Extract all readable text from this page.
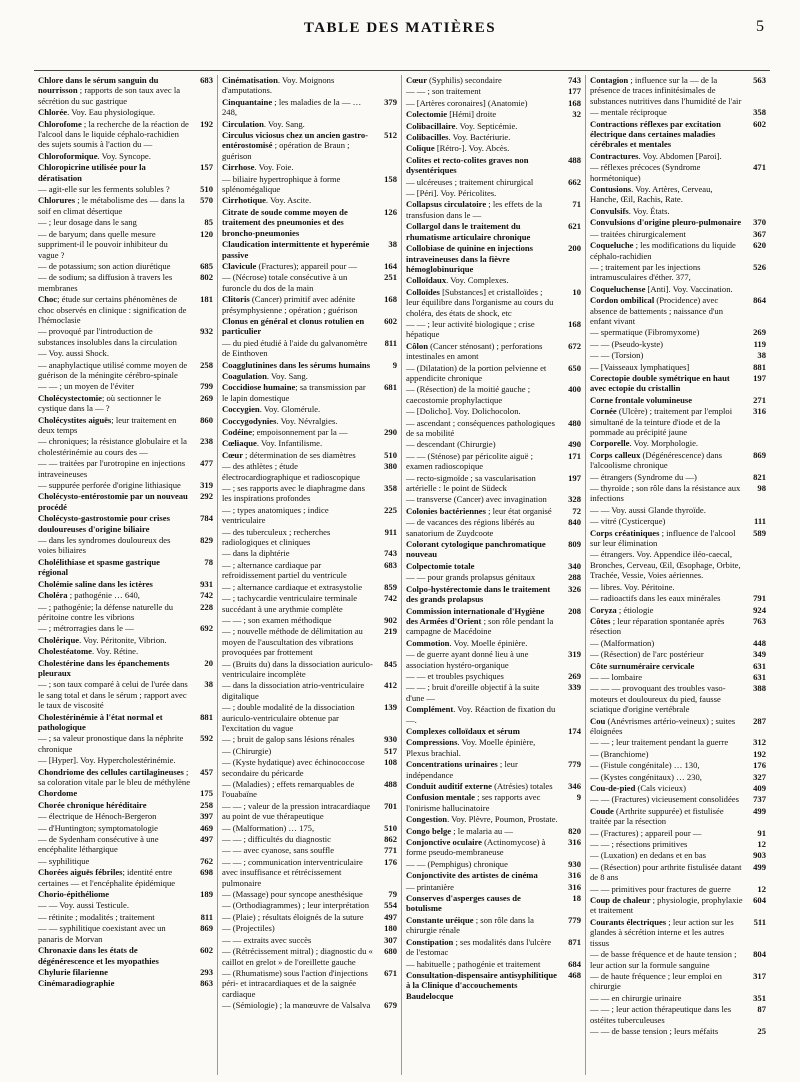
TABLE DES MATIÈRES	5
Chlore dans le sérum sanguin du nourrisson ; rapports de son taux avec la sécrétion du suc gastrique
683
Chlorée. Voy. Eau physiologique.
Chlorofome ; la recherche de la réaction de l'alcool dans le liquide céphalo-rachidien des sujets soumis à l'action du —
192
Chloroformique. Voy. Syncope.
Chloropicrine utilisée pour la dératisation
157
— agit-elle sur les ferments solubles ?	510
Chlorures ; le métabolisme des — dans la soif en climat désertique
570
— ; leur dosage dans le sang	85
— de baryum; dans quelle mesure suppriment-il le pouvoir inhibiteur du vague ?
120
— de potassium; son action diurétique	685
— de sodium; sa diffusion à travers les membranes
802
Choc; étude sur certains phénomènes de choc observés en clinique : signification de l'hémoclasie
181
— provoqué par l'introduction de substances insolubles dans la circulation
932
— Voy. aussi Shock.
— anaphylactique utilisé comme moyen de guérison de la méningite cérébro-spinale
258
— — ; un moyen de l'éviter	799
Cholécystectomie; où sectionner le cystique dans la — ?
269
Cholécystites aiguës; leur traitement en deux temps
860
— chroniques; la résistance globulaire et la cholestérinémie au cours des —
238
— — traitées par l'urotropine en injections intraveineuses
477
— suppurée perforée d'origine lithiasique	319
Cholécysto-entérostomie par un nouveau procédé
292
Cholécysto-gastrostomie pour crises douloureuses d'origine biliaire
784
— dans les syndromes douloureux des voies biliaires
829
Cholélithiase et spasme gastrique régional
78
Cholémie saline dans les ictères	931
Choléra ; pathogénie … 640,	742
— ; pathogénie; la défense naturelle du péritoine contre les vibrions
228
— ; métrorragies dans le —	692
Cholérique. Voy. Péritonite, Vibrion.
Cholestéatome. Voy. Rétine.
Cholestérine dans les épanchements pleuraux
20
— ; son taux comparé à celui de l'urée dans le sang total et dans le sérum ; rapport avec le taux de viscosité
38
Cholestérinémie à l'état normal et pathologique
881
— ; sa valeur pronostique dans la néphrite chronique
592
— [Hyper]. Voy. Hypercholestérinémie.
Chondriome des cellules cartilagineuses ; sa coloration vitale par le bleu de méthylène
457
Chordome	175
Chorée chronique héréditaire	258
— électrique de Hénoch-Bergeron	397
— d'Huntington; symptomatologie	469
— de Sydenham consécutive à une encéphalite léthargique
497
— syphilitique	762
Chorées aiguës fébriles; identité entre certaines — et l'encéphalite épidémique
698
Chorio-épithéliome	189
— — Voy. aussi Testicule.
— rétinite ; modalités ; traitement	811
— — syphilitique coexistant avec un panaris de Morvan
869
Chronaxie dans les états de dégénérescence et les myopathies
602
Chylurie filarienne	293
Cinémaradiographie	863
Cinématisation. Voy. Moignons d'amputations.
Cinquantaine ; les maladies de la — … 248,
379
Circulation. Voy. Sang.
Circulus viciosus chez un ancien gastro-entérostomisé ; opération de Braun ; guérison
512
Cirrhose. Voy. Foie.
— biliaire hypertrophique à forme splénomégalique
158
Cirrhotique. Voy. Ascite.
Citrate de soude comme moyen de traitement des pneumonies et des broncho-pneumonies
126
Claudication intermittente et hyperémie passive
38
Clavicule (Fractures); appareil pour —	164
— (Nécrose) totale consécutive à un furoncle du dos de la main
251
Clitoris (Cancer) primitif avec adénite présymphysienne ; opération ; guérison
168
Clonus en général et clonus rotulien en particulier
602
— du pied étudié à l'aide du galvanomètre de Einthoven
811
Coagglutinines dans les sérums humains	9
Coagulation. Voy. Sang.
Coccidiose humaine; sa transmission par le lapin domestique
681
Coccygien. Voy. Glomérule.
Coccygodynies. Voy. Névralgies.
Codéine; empoisonnement par la —	290
Cœliaque. Voy. Infantilisme.
Cœur ; détermination de ses diamètres	510
— des athlètes ; étude électrocardiographique et radioscopique
380
— ; ses rapports avec le diaphragme dans les inspirations profondes
358
— ; types anatomiques ; indice ventriculaire
225
— des tuberculeux ; recherches radiologiques et cliniques
911
— dans la diphtérie	743
— ; alternance cardiaque par refroidissement partiel du ventricule
683
— ; alternance cardiaque et extrasystolie	859
— ; tachycardie ventriculaire terminale succédant à une arythmie complète
742
— — ; son examen méthodique	902
— ; nouvelle méthode de délimitation au moyen de l'auscultation des vibrations provoquées par frottement
219
— (Bruits du) dans la dissociation auriculo-ventriculaire incomplète
845
— dans la dissociation atrio-ventriculaire digitalique
412
— ; double modalité de la dissociation auriculo-ventriculaire obtenue par l'excitation du vague
139
— ; bruit de galop sans lésions rénales	930
— (Chirurgie)	517
— (Kyste hydatique) avec échinococcose secondaire du péricarde
108
— (Maladies) ; effets remarquables de l'ouabaïne
488
— — ; valeur de la pression intracardiaque au point de vue thérapeutique
701
— (Malformation) … 175,	510
— — ; difficultés du diagnostic	862
— — avec cyanose, sans souffle	771
— — ; communication interventriculaire avec insuffisance et rétrécissement pulmonaire
176
— (Massage) pour syncope anesthésique	79
— (Orthodiagrammes) ; leur interprétation	554
— (Plaie) ; résultats éloignés de la suture	497
— (Projectiles)	180
— — extraits avec succès	307
— (Rétrécissement mitral) ; diagnostic du « caillot en grelot » de l'oreillette gauche
680
— (Rhumatisme) sous l'action d'injections péri- et intracardiaques et de la saignée cardiaque
671
— (Sémiologie) ; la manœuvre de Valsalva	679
Cœur (Syphilis) secondaire	743
— — ; son traitement	177
— [Artères coronaires] (Anatomie)	168
Colectomie [Hémi] droite	32
Colibacillaire. Voy. Septicémie.
Colibacilles. Voy. Bactériurie.
Colique [Rétro-]. Voy. Abcès.
Colites et recto-colites graves non dysentériques
488
— ulcéreuses ; traitement chirurgical	662
— [Péri]. Voy. Péricolites.
Collapsus circulatoire ; les effets de la transfusion dans le —
71
Collargol dans le traitement du rhumatisme articulaire chronique
621
Collobiase de quinine en injections intraveineuses dans la fièvre hémoglobinurique
200
Colloïdaux. Voy. Complexes.
Colloïdes [Substances] et cristalloïdes ; leur équilibre dans l'organisme au cours du choléra, des états de shock, etc
10
— — ; leur activité biologique ; crise hépatique
168
Côlon (Cancer sténosant) ; perforations intestinales en amont
672
— (Dilatation) de la portion pelvienne et appendicite chronique
650
— (Résection) de la moitié gauche ; caecostomie prophylactique
400
— [Dolicho]. Voy. Dolichocolon.
— ascendant ; conséquences pathologiques de sa mobilité
480
— descendant (Chirurgie)	490
— — (Sténose) par péricolite aiguë ; examen radioscopique
171
— recto-sigmoïde ; sa vascularisation artérielle : le point de Südeck
197
— transverse (Cancer) avec invagination	328
Colonies bactériennes ; leur état organisé	72
— de vacances des régions libérés au sanatorium de Zuydcoote
840
Colorant cytologique panchromatique nouveau
809
Colpectomie totale	340
— — pour grands prolapsus génitaux	288
Colpo-hystérectomie dans le traitement des grands prolapsus
326
Commission internationale d'Hygiène des Armées d'Orient ; son rôle pendant la campagne de Macédoine
208
Commotion. Voy. Moelle épinière.
— de guerre ayant donné lieu à une association hystéro-organique
319
— — et troubles psychiques	269
— — ; bruit d'oreille objectif à la suite d'une —
339
Complément. Voy. Réaction de fixation du —.
Complexes colloïdaux et sérum	174
Compressions. Voy. Moelle épinière, Plexus brachial.
Concentrations urinaires ; leur indépendance
779
Conduit auditif externe (Atrésies) totales	346
Confusion mentale ; ses rapports avec l'onirisme hallucinatoire
9
Congestion. Voy. Plèvre, Poumon, Prostate.
Congo belge ; le malaria au —	820
Conjonctive oculaire (Actinomycose) à forme pseudo-membraneuse
316
— — (Pemphigus) chronique	930
Conjonctivite des artistes de cinéma	316
— printanière	316
Conserves d'asperges causes de botulisme
18
Constante uréique ; son rôle dans la chirurgie rénale
779
Constipation ; ses modalités dans l'ulcère de l'estomac
871
— habituelle ; pathogénie et traitement	684
Consultation-dispensaire antisyphilitique à la Clinique d'accouchements Baudelocque
468
Contagion ; influence sur la — de la présence de traces infinitésimales de substances nutritives dans l'humidité de l'air
563
— mentale réciproque	358
Contractions réflexes par excitation électrique dans certaines maladies cérébrales et mentales
602
Contractures. Voy. Abdomen [Paroi].
— réflexes précoces (Syndrome hormétonique)
471
Contusions. Voy. Artères, Cerveau, Hanche, Œil, Rachis, Rate.
Convulsifs. Voy. États.
Convulsions d'origine pleuro-pulmonaire	370
— traitées chirurgicalement	367
Coqueluche ; les modifications du liquide céphalo-rachidien
620
— ; traitement par les injections intramusculaires d'éther. 377,
526
Coqueluchense [Anti]. Voy. Vaccination.
Cordon ombilical (Procidence) avec absence de battements ; naissance d'un enfant vivant
864
— spermatique (Fibromyxome)	269
— — (Pseudo-kyste)	119
— — (Torsion)	38
— [Vaisseaux lymphatiques]	881
Corectopie double symétrique en haut avec ectopie du cristallin
197
Corne frontale volumineuse	271
Cornée (Ulcère) ; traitement par l'emploi simultané de la teinture d'iode et de la pommade au précipité jaune
316
Corporelle. Voy. Morphologie.
Corps calleux (Dégénérescence) dans l'alcoolisme chronique
869
— étrangers (Syndrome du —)	821
— thyroïde ; son rôle dans la résistance aux infections
98
— — Voy. aussi Glande thyroïde.
— vitré (Cysticerque)	111
Corps créatiniques ; influence de l'alcool sur leur élimination
589
— étrangers. Voy. Appendice iléo-caecal, Bronches, Cerveau, Œil, Œsophage, Orbite, Trachée, Vessie, Voies aériennes.
— libres. Voy. Péritoine.
— radioactifs dans les eaux minérales	791
Coryza ; étiologie	924
Côtes ; leur réparation spontanée après résection
763
— (Malformation)	448
— (Résection) de l'arc postérieur	349
Côte surnuméraire cervicale	631
— — lombaire	631
— — — provoquant des troubles vaso-moteurs et douloureux du pied, fausse sciatique d'origine vertébrale
388
Cou (Anévrismes artério-veineux) ; suites éloignées
287
— — ; leur traitement pendant la guerre	312
— (Branchiome)	192
— (Fistule congénitale) … 130,	176
— (Kystes congénitaux) … 230,	327
Cou-de-pied (Cals vicieux)	409
— — (Fractures) vicieusement consolidées	737
Coude (Arthrite suppurée) et fistulisée traitée par la résection
499
— (Fractures) ; appareil pour —	91
— — ; résections primitives	12
— (Luxation) en dedans et en bas	903
— (Résection) pour arthrite fistulisée datant de 8 ans
499
— — primitives pour fractures de guerre	12
Coup de chaleur ; physiologie, prophylaxie et traitement
604
Courants électriques ; leur action sur les glandes à sécrétion interne et les autres tissus
511
— de basse fréquence et de haute tension ; leur action sur la formule sanguine
804
— de haute fréquence ; leur emploi en chirurgie
317
— — en chirurgie urinaire	351
— — ; leur action thérapeutique dans les ostéites tuberculeuses
87
— — de basse tension ; leurs méfaits	25
